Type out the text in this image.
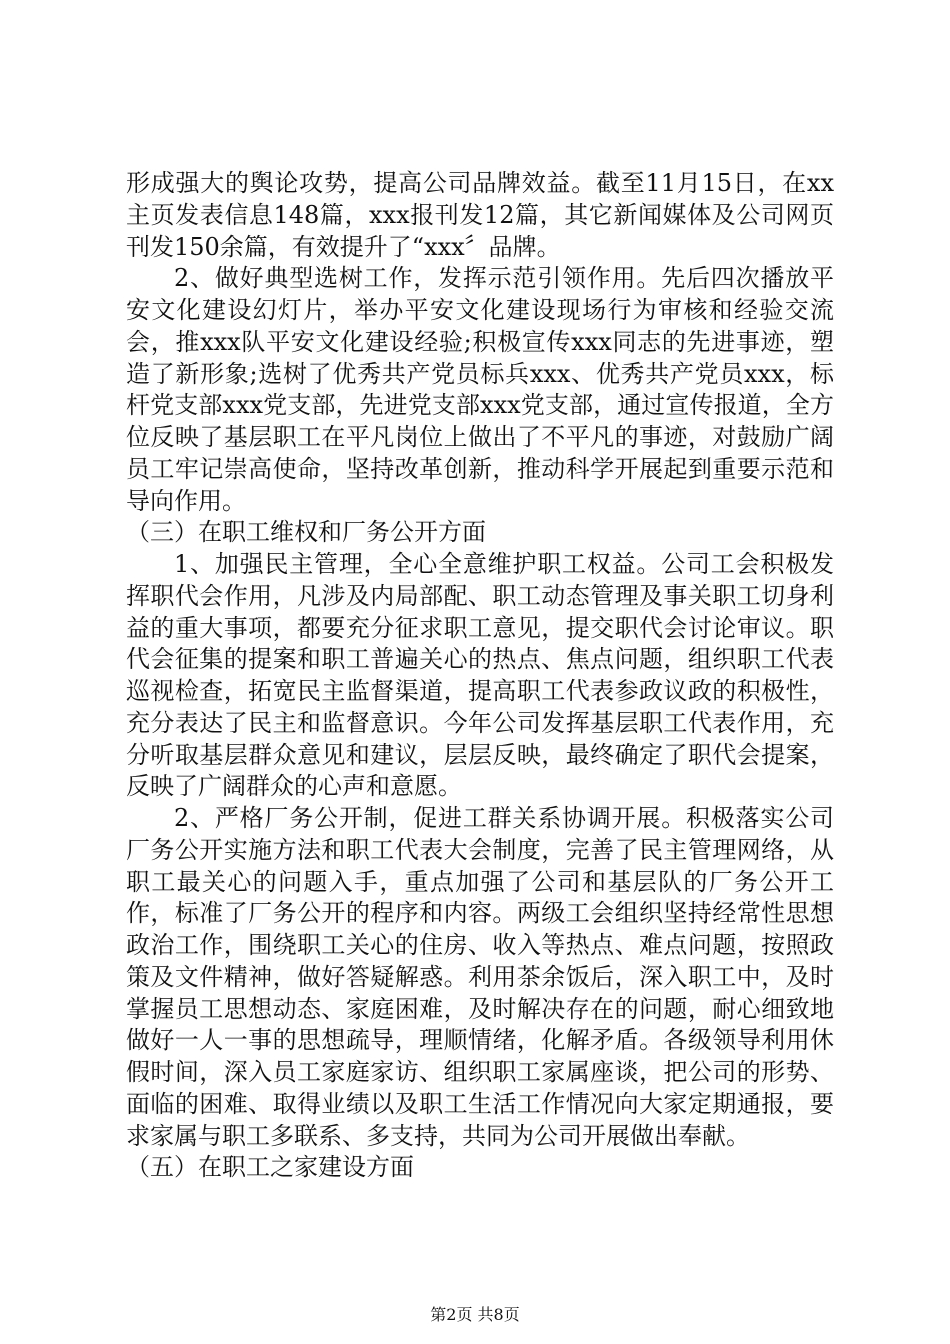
形成强大的舆论攻势，提高公司品牌效益。截至11月15日，在xx主页发表信息148篇，xxx报刊发12篇，其它新闻媒体及公司网页刊发150余篇，有效提升了“xxx〞品牌。

2、做好典型选树工作，发挥示范引领作用。先后四次播放平安文化建设幻灯片，举办平安文化建设现场行为审核和经验交流会，推xxx队平安文化建设经验;积极宣传xxx同志的先进事迹，塑造了新形象;选树了优秀共产党员标兵xxx、优秀共产党员xxx，标杆党支部xxx党支部，先进党支部xxx党支部，通过宣传报道，全方位反映了基层职工在平凡岗位上做出了不平凡的事迹，对鼓励广阔员工牢记崇高使命，坚持改革创新，推动科学开展起到重要示范和导向作用。

（三）在职工维权和厂务公开方面

1、加强民主管理，全心全意维护职工权益。公司工会积极发挥职代会作用，凡涉及内局部配、职工动态管理及事关职工切身利益的重大事项，都要充分征求职工意见，提交职代会讨论审议。职代会征集的提案和职工普遍关心的热点、焦点问题，组织职工代表巡视检查，拓宽民主监督渠道，提高职工代表参政议政的积极性，充分表达了民主和监督意识。今年公司发挥基层职工代表作用，充分听取基层群众意见和建议，层层反映，最终确定了职代会提案，反映了广阔群众的心声和意愿。

2、严格厂务公开制，促进工群关系协调开展。积极落实公司厂务公开实施方法和职工代表大会制度，完善了民主管理网络，从职工最关心的问题入手，重点加强了公司和基层队的厂务公开工作，标准了厂务公开的程序和内容。两级工会组织坚持经常性思想政治工作，围绕职工关心的住房、收入等热点、难点问题，按照政策及文件精神，做好答疑解惑。利用茶余饭后，深入职工中，及时掌握员工思想动态、家庭困难，及时解决存在的问题，耐心细致地做好一人一事的思想疏导，理顺情绪，化解矛盾。各级领导利用休假时间，深入员工家庭家访、组织职工家属座谈，把公司的形势、面临的困难、取得业绩以及职工生活工作情况向大家定期通报，要求家属与职工多联系、多支持，共同为公司开展做出奉献。

（五）在职工之家建设方面

第2页 共8页
